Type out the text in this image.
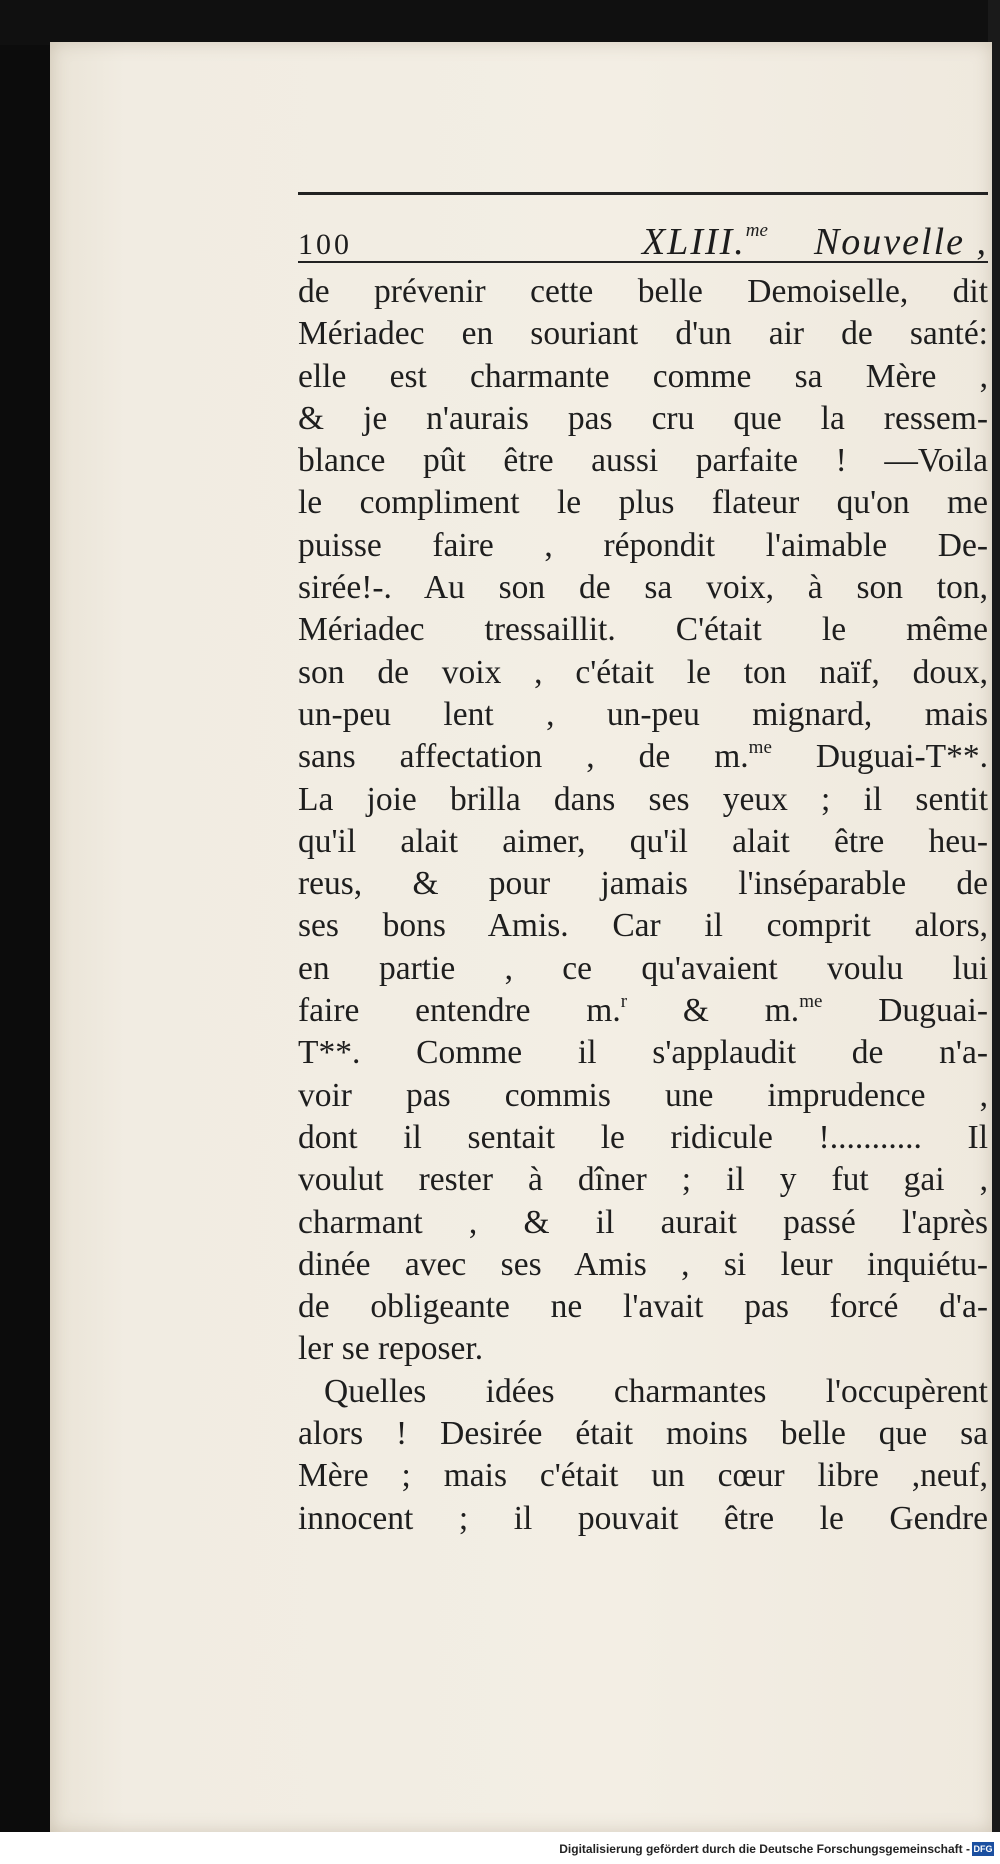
100	XLIII.$^{me}$ Nouvelle ,
de prévenir cette belle Demoiselle, dit
Mériadec en souriant d'un air de santé:
elle est charmante comme sa Mère ,
& je n'aurais pas cru que la ressem-
blance pût être aussi parfaite ! —Voila
le compliment le plus flateur qu'on me
puisse faire , répondit l'aimable De-
sirée!-. Au son de sa voix, à son ton,
Mériadec tressaillit. C'était le même
son de voix , c'était le ton naïf, doux,
un-peu lent , un-peu mignard, mais
sans affectation , de m.$^{me}$ Duguai-T**.
La joie brilla dans ses yeux ; il sentit
qu'il alait aimer, qu'il alait être heu-
reus, & pour jamais l'inséparable de
ses bons Amis. Car il comprit alors,
en partie , ce qu'avaient voulu lui
faire entendre m.$^r$ & m.$^{me}$ Duguai-
T**. Comme il s'applaudit de n'a-
voir pas commis une imprudence ,
dont il sentait le ridicule !........... Il
voulut rester à dîner ; il y fut gai ,
charmant , & il aurait passé l'après
dinée avec ses Amis , si leur inquiétu-
de obligeante ne l'avait pas forcé d'a-
ler se reposer.
Quelles idées charmantes l'occupèrent
alors ! Desirée était moins belle que sa
Mère ; mais c'était un cœur libre ,neuf,
innocent ; il pouvait être le Gendre
Digitalisierung gefördert durch die Deutsche Forschungsgemeinschaft - DFG
